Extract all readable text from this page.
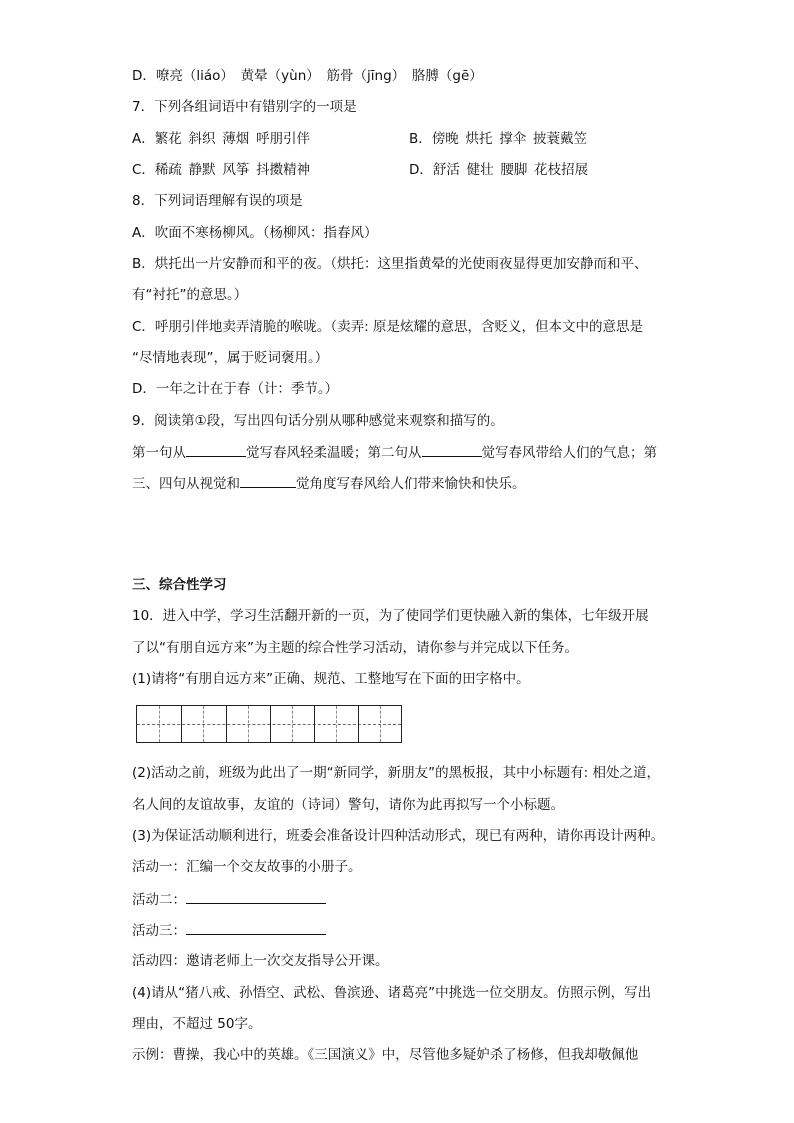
D．嘹亮（liáo）　黄晕（yùn）　筋骨（jīng）　胳膊（gē）
7．下列各组词语中有错别字的一项是
A．繁花 斜织 薄烟 呼朋引伴	B．傍晚 烘托 撑伞 披蓑戴笠
C．稀疏 静默 风筝 抖擞精神	D．舒活 健壮 腰脚 花枝招展
8．下列词语理解有误的项是
A．吹面不寒杨柳风。（杨柳风：指春风）
B．烘托出一片安静而和平的夜。（烘托：这里指黄晕的光使雨夜显得更加安静而和平、
有“衬托”的意思。）
C．呼朋引伴地卖弄清脆的喉咙。（卖弄: 原是炫耀的意思，含贬义，但本文中的意思是
“尽情地表现”，属于贬词褒用。）
D．一年之计在于春（计：季节。）
9．阅读第①段，写出四句话分别从哪种感觉来观察和描写的。
第一句从	觉写春风轻柔温暖；第二句从	觉写春风带给人们的气息；第
三、四句从视觉和	觉角度写春风给人们带来愉快和快乐。
三、综合性学习
10．进入中学，学习生活翻开新的一页，为了使同学们更快融入新的集体，七年级开展
了以“有朋自远方来”为主题的综合性学习活动，请你参与并完成以下任务。
(1)请将“有朋自远方来”正确、规范、工整地写在下面的田字格中。
(2)活动之前，班级为此出了一期“新同学，新朋友”的黑板报，其中小标题有: 相处之道，
名人间的友谊故事，友谊的（诗词）警句，请你为此再拟写一个小标题。
(3)为保证活动顺利进行，班委会准备设计四种活动形式，现已有两种，请你再设计两种。
活动一：汇编一个交友故事的小册子。
活动二：
活动三：
活动四：邀请老师上一次交友指导公开课。
(4)请从“猪八戒、孙悟空、武松、鲁滨逊、诸葛亮”中挑选一位交朋友。仿照示例，写出
理由，不超过 50字。
示例：曹操，我心中的英雄。《三国演义》中，尽管他多疑妒杀了杨修，但我却敬佩他
